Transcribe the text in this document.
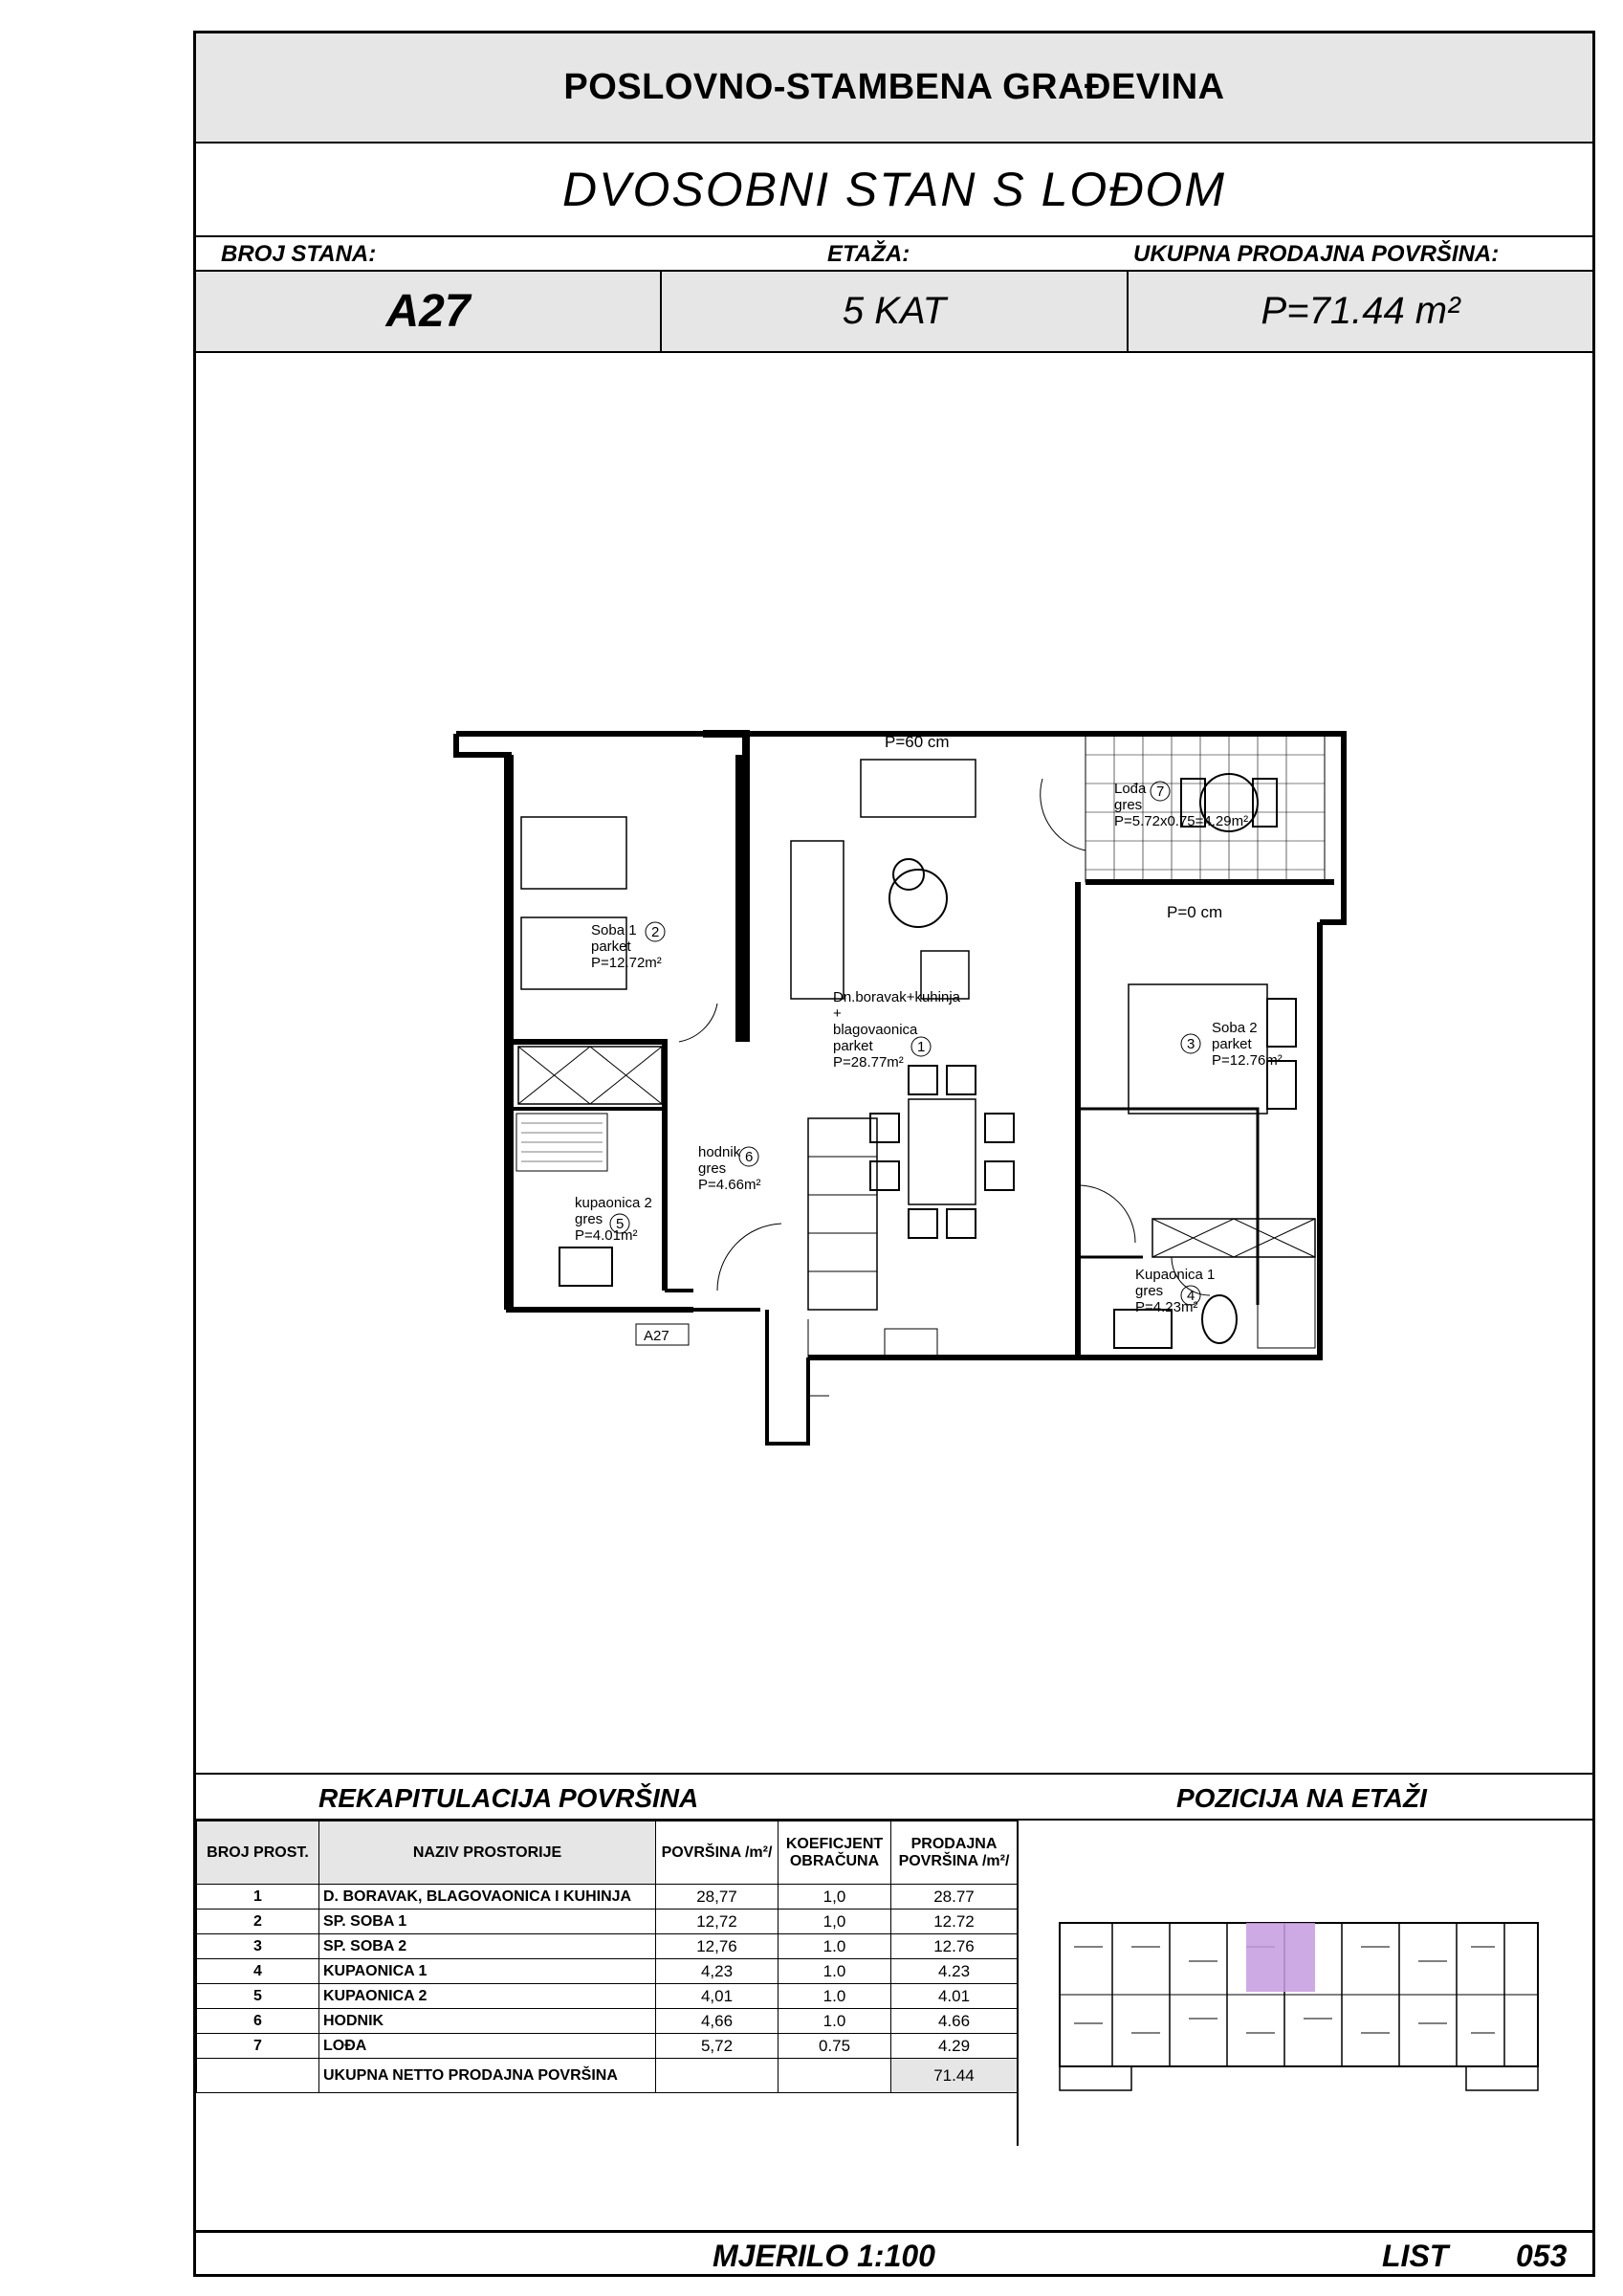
POSLOVNO-STAMBENA GRAĐEVINA
DVOSOBNI STAN S LOĐOM
BROJ STANA:	ETAŽA:	UKUPNA PRODAJNA POVRŠINA:
A27	5 KAT	P=71.44 m²
A27
P=60 cm
P=0 cm
Dn.boravak+kuhinja
+
blagovaonica
parket
P=28.77m²
1
Soba 1
parket
P=12.72m²
2
Soba 2
parket
P=12.76m²
3
Kupaonica 1
gres
P=4.23m²
4
kupaonica 2
gres
P=4.01m²
5
hodnik
gres
P=4.66m²
6
Lođa
gres
P=5.72x0.75=4.29m²
7
REKAPITULACIJA POVRŠINA	POZICIJA NA ETAŽI
BROJ PROST.	NAZIV PROSTORIJE	POVRŠINA /m²/	KOEFICJENT OBRAČUNA	PRODAJNA POVRŠINA /m²/
1	D. BORAVAK, BLAGOVAONICA I KUHINJA	28,77	1,0	28.77
2	SP. SOBA 1	12,72	1,0	12.72
3	SP. SOBA 2	12,76	1.0	12.76
4	KUPAONICA 1	4,23	1.0	4.23
5	KUPAONICA 2	4,01	1.0	4.01
6	HODNIK	4,66	1.0	4.66
7	LOĐA	5,72	0.75	4.29
	UKUPNA NETTO PRODAJNA POVRŠINA			71.44
MJERILO 1:100	LIST 053
